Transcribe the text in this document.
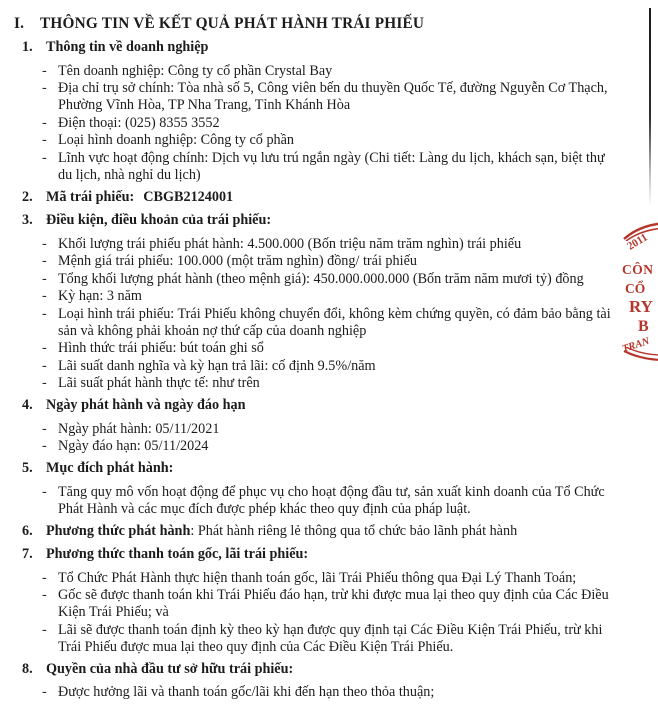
2011
CÔN
CỔ
RY
B
TRAN
I.	THÔNG TIN VỀ KẾT QUẢ PHÁT HÀNH TRÁI PHIẾU
1. Thông tin về doanh nghiệp
- Tên doanh nghiệp: Công ty cổ phần Crystal Bay
- Địa chỉ trụ sở chính: Tòa nhà số 5, Công viên bến du thuyền Quốc Tế, đường Nguyễn Cơ Thạch, Phường Vĩnh Hòa, TP Nha Trang, Tỉnh Khánh Hòa
- Điện thoại: (025) 8355 3552
- Loại hình doanh nghiệp: Công ty cổ phần
- Lĩnh vực hoạt động chính: Dịch vụ lưu trú ngắn ngày (Chi tiết: Làng du lịch, khách sạn, biệt thự du lịch, nhà nghỉ du lịch)
2. Mã trái phiếu: CBGB2124001
3. Điều kiện, điều khoản của trái phiếu:
- Khối lượng trái phiếu phát hành: 4.500.000 (Bốn triệu năm trăm nghìn) trái phiếu
- Mệnh giá trái phiếu: 100.000 (một trăm nghìn) đồng/ trái phiếu
- Tổng khối lượng phát hành (theo mệnh giá): 450.000.000.000 (Bốn trăm năm mươi tỷ) đồng
- Kỳ hạn: 3 năm
- Loại hình trái phiếu: Trái Phiếu không chuyển đổi, không kèm chứng quyền, có đảm bảo bằng tài sản và không phải khoản nợ thứ cấp của doanh nghiệp
- Hình thức trái phiếu: bút toán ghi sổ
- Lãi suất danh nghĩa và kỳ hạn trả lãi: cố định 9.5%/năm
- Lãi suất phát hành thực tế: như trên
4. Ngày phát hành và ngày đáo hạn
- Ngày phát hành: 05/11/2021
- Ngày đáo hạn: 05/11/2024
5. Mục đích phát hành:
- Tăng quy mô vốn hoạt động để phục vụ cho hoạt động đầu tư, sản xuất kinh doanh của Tổ Chức Phát Hành và các mục đích được phép khác theo quy định của pháp luật.
6. Phương thức phát hành: Phát hành riêng lẻ thông qua tổ chức bảo lãnh phát hành
7. Phương thức thanh toán gốc, lãi trái phiếu:
- Tổ Chức Phát Hành thực hiện thanh toán gốc, lãi Trái Phiếu thông qua Đại Lý Thanh Toán;
- Gốc sẽ được thanh toán khi Trái Phiếu đáo hạn, trừ khi được mua lại theo quy định của Các Điều Kiện Trái Phiếu; và
- Lãi sẽ được thanh toán định kỳ theo kỳ hạn được quy định tại Các Điều Kiện Trái Phiếu, trừ khi Trái Phiếu được mua lại theo quy định của Các Điều Kiện Trái Phiếu.
8. Quyền của nhà đầu tư sở hữu trái phiếu:
- Được hưởng lãi và thanh toán gốc/lãi khi đến hạn theo thỏa thuận;
